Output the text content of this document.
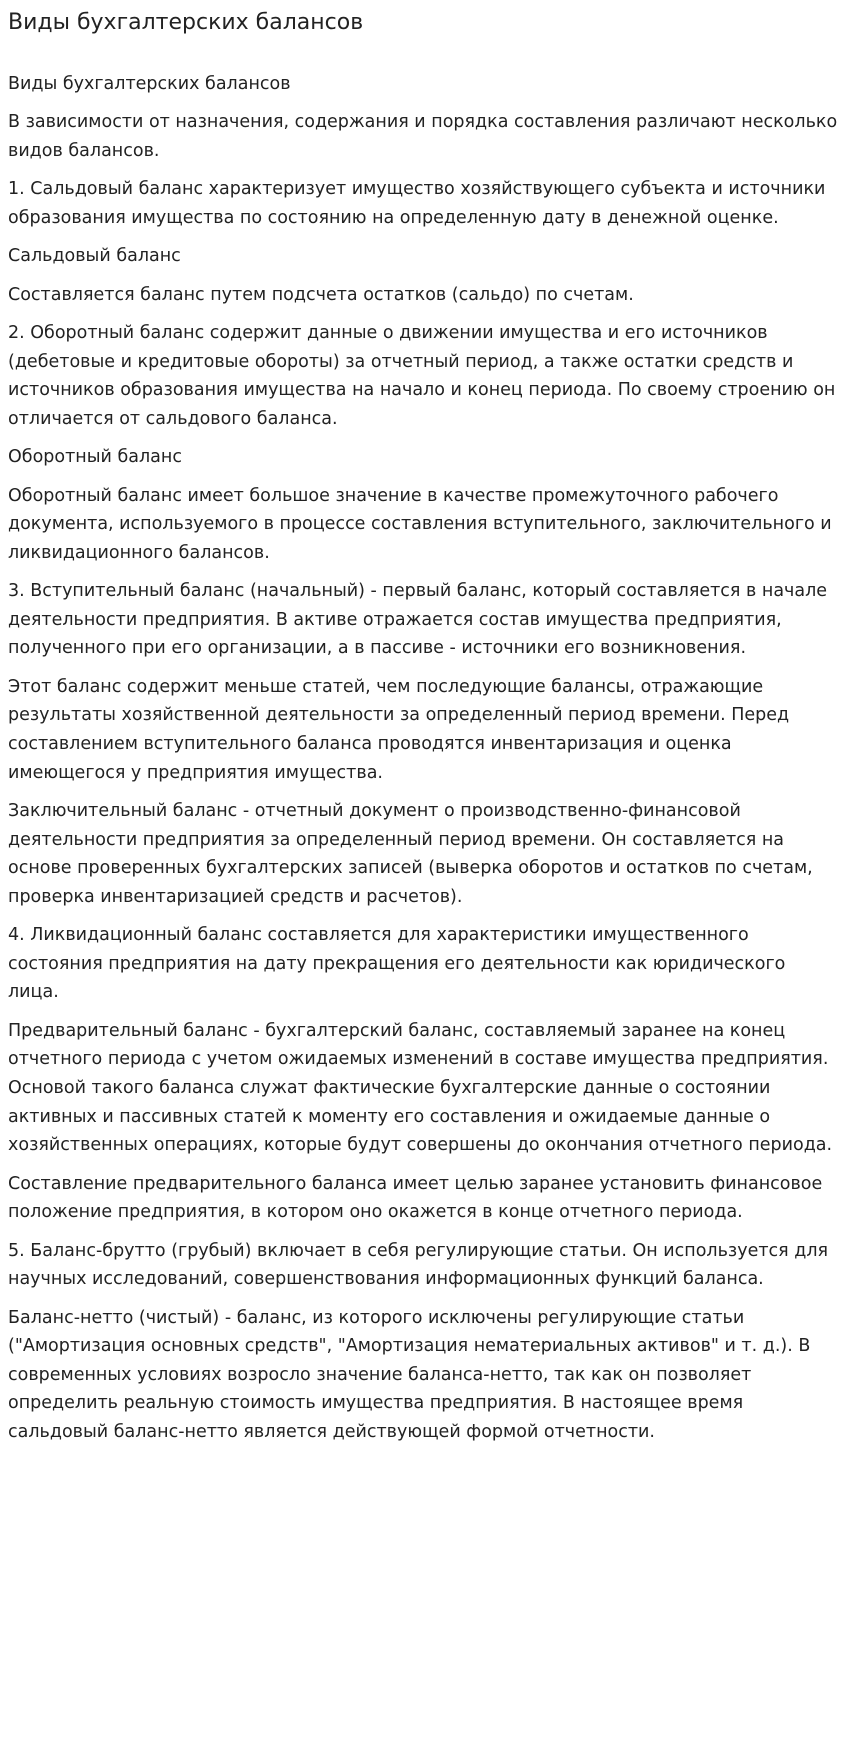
Виды бухгалтерских балансов

Виды бухгалтерских балансов

В зависимости от назначения, содержания и порядка составления различают несколько видов балансов.

1. Сальдовый баланс характеризует имущество хозяйствующего субъекта и источники образования имущества по состоянию на определенную дату в денежной оценке.

Сальдовый баланс

Составляется баланс путем подсчета остатков (сальдо) по счетам.

2. Оборотный баланс содержит данные о движении имущества и его источников (дебетовые и кредитовые обороты) за отчетный период, а также остатки средств и источников образования имущества на начало и конец периода. По своему строению он отличается от сальдового баланса.

Оборотный баланс

Оборотный баланс имеет большое значение в качестве промежуточного рабочего документа, используемого в процессе составления вступительного, заключительного и ликвидационного балансов.

3. Вступительный баланс (начальный) - первый баланс, который составляется в начале деятельности предприятия. В активе отражается состав имущества предприятия, полученного при его организации, а в пассиве - источники его возникновения.

Этот баланс содержит меньше статей, чем последующие балансы, отражающие результаты хозяйственной деятельности за определенный период времени. Перед составлением вступительного баланса проводятся инвентаризация и оценка имеющегося у предприятия имущества.

Заключительный баланс - отчетный документ о производственно-финансовой деятельности предприятия за определенный период времени. Он составляется на основе проверенных бухгалтерских записей (выверка оборотов и остатков по счетам, проверка инвентаризацией средств и расчетов).

4. Ликвидационный баланс составляется для характеристики имущественного состояния предприятия на дату прекращения его деятельности как юридического лица.

Предварительный баланс - бухгалтерский баланс, составляемый заранее на конец отчетного периода с учетом ожидаемых изменений в составе имущества предприятия. Основой такого баланса служат фактические бухгалтерские данные о состоянии активных и пассивных статей к моменту его составления и ожидаемые данные о хозяйственных операциях, которые будут совершены до окончания отчетного периода.

Составление предварительного баланса имеет целью заранее установить финансовое положение предприятия, в котором оно окажется в конце отчетного периода.

5. Баланс-брутто (грубый) включает в себя регулирующие статьи. Он используется для научных исследований, совершенствования информационных функций баланса.

Баланс-нетто (чистый) - баланс, из которого исключены регулирующие статьи ("Амортизация основных средств", "Амортизация нематериальных активов" и т. д.). В современных условиях возросло значение баланса-нетто, так как он позволяет определить реальную стоимость имущества предприятия. В настоящее время сальдовый баланс-нетто является действующей формой отчетности.
